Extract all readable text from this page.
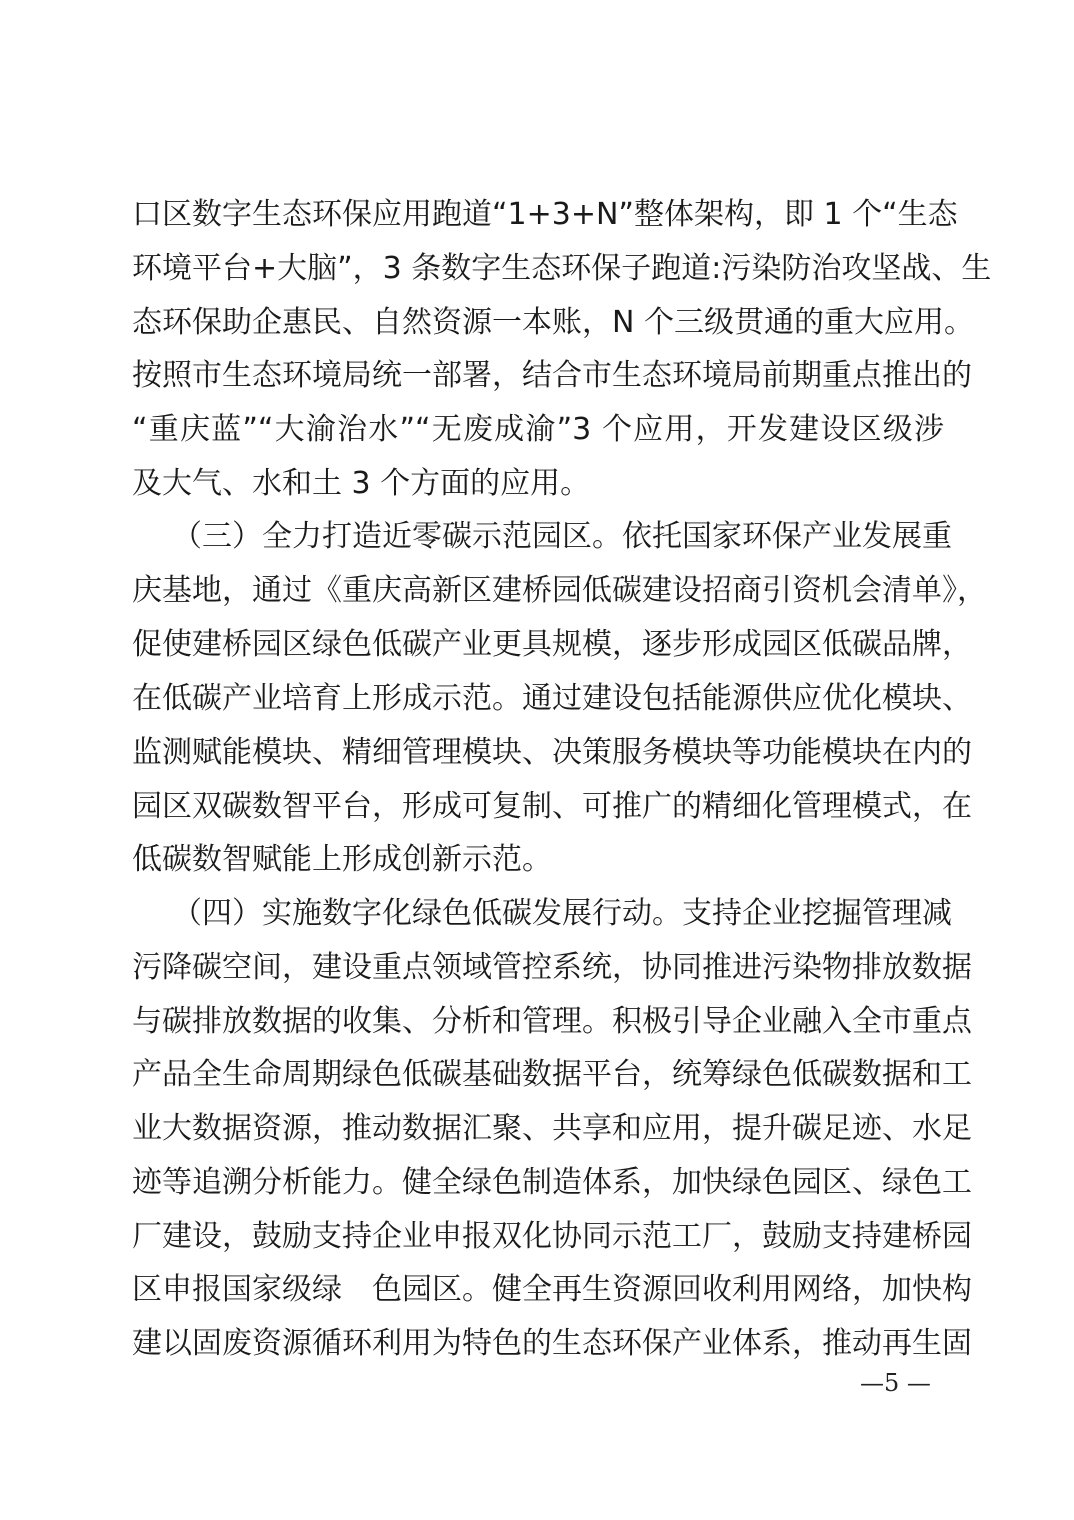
口区数字生态环保应用跑道“1+3+N”整体架构，即 1 个“生态
环境平台+大脑”，3 条数字生态环保子跑道:污染防治攻坚战、生
态环保助企惠民、自然资源一本账，N 个三级贯通的重大应用。
按照市生态环境局统一部署，结合市生态环境局前期重点推出的
“重庆蓝”“大渝治水”“无废成渝”3 个应用，开发建设区级涉
及大气、水和土 3 个方面的应用。
（三）全力打造近零碳示范园区。依托国家环保产业发展重
庆基地，通过《重庆高新区建桥园低碳建设招商引资机会清单》，
促使建桥园区绿色低碳产业更具规模，逐步形成园区低碳品牌，
在低碳产业培育上形成示范。通过建设包括能源供应优化模块、
监测赋能模块、精细管理模块、决策服务模块等功能模块在内的
园区双碳数智平台，形成可复制、可推广的精细化管理模式，在
低碳数智赋能上形成创新示范。
（四）实施数字化绿色低碳发展行动。支持企业挖掘管理减
污降碳空间，建设重点领域管控系统，协同推进污染物排放数据
与碳排放数据的收集、分析和管理。积极引导企业融入全市重点
产品全生命周期绿色低碳基础数据平台，统筹绿色低碳数据和工
业大数据资源，推动数据汇聚、共享和应用，提升碳足迹、水足
迹等追溯分析能力。健全绿色制造体系，加快绿色园区、绿色工
厂建设，鼓励支持企业申报双化协同示范工厂，鼓励支持建桥园
区申报国家级绿　色园区。健全再生资源回收利用网络，加快构
建以固废资源循环利用为特色的生态环保产业体系，推动再生固
—5 —
